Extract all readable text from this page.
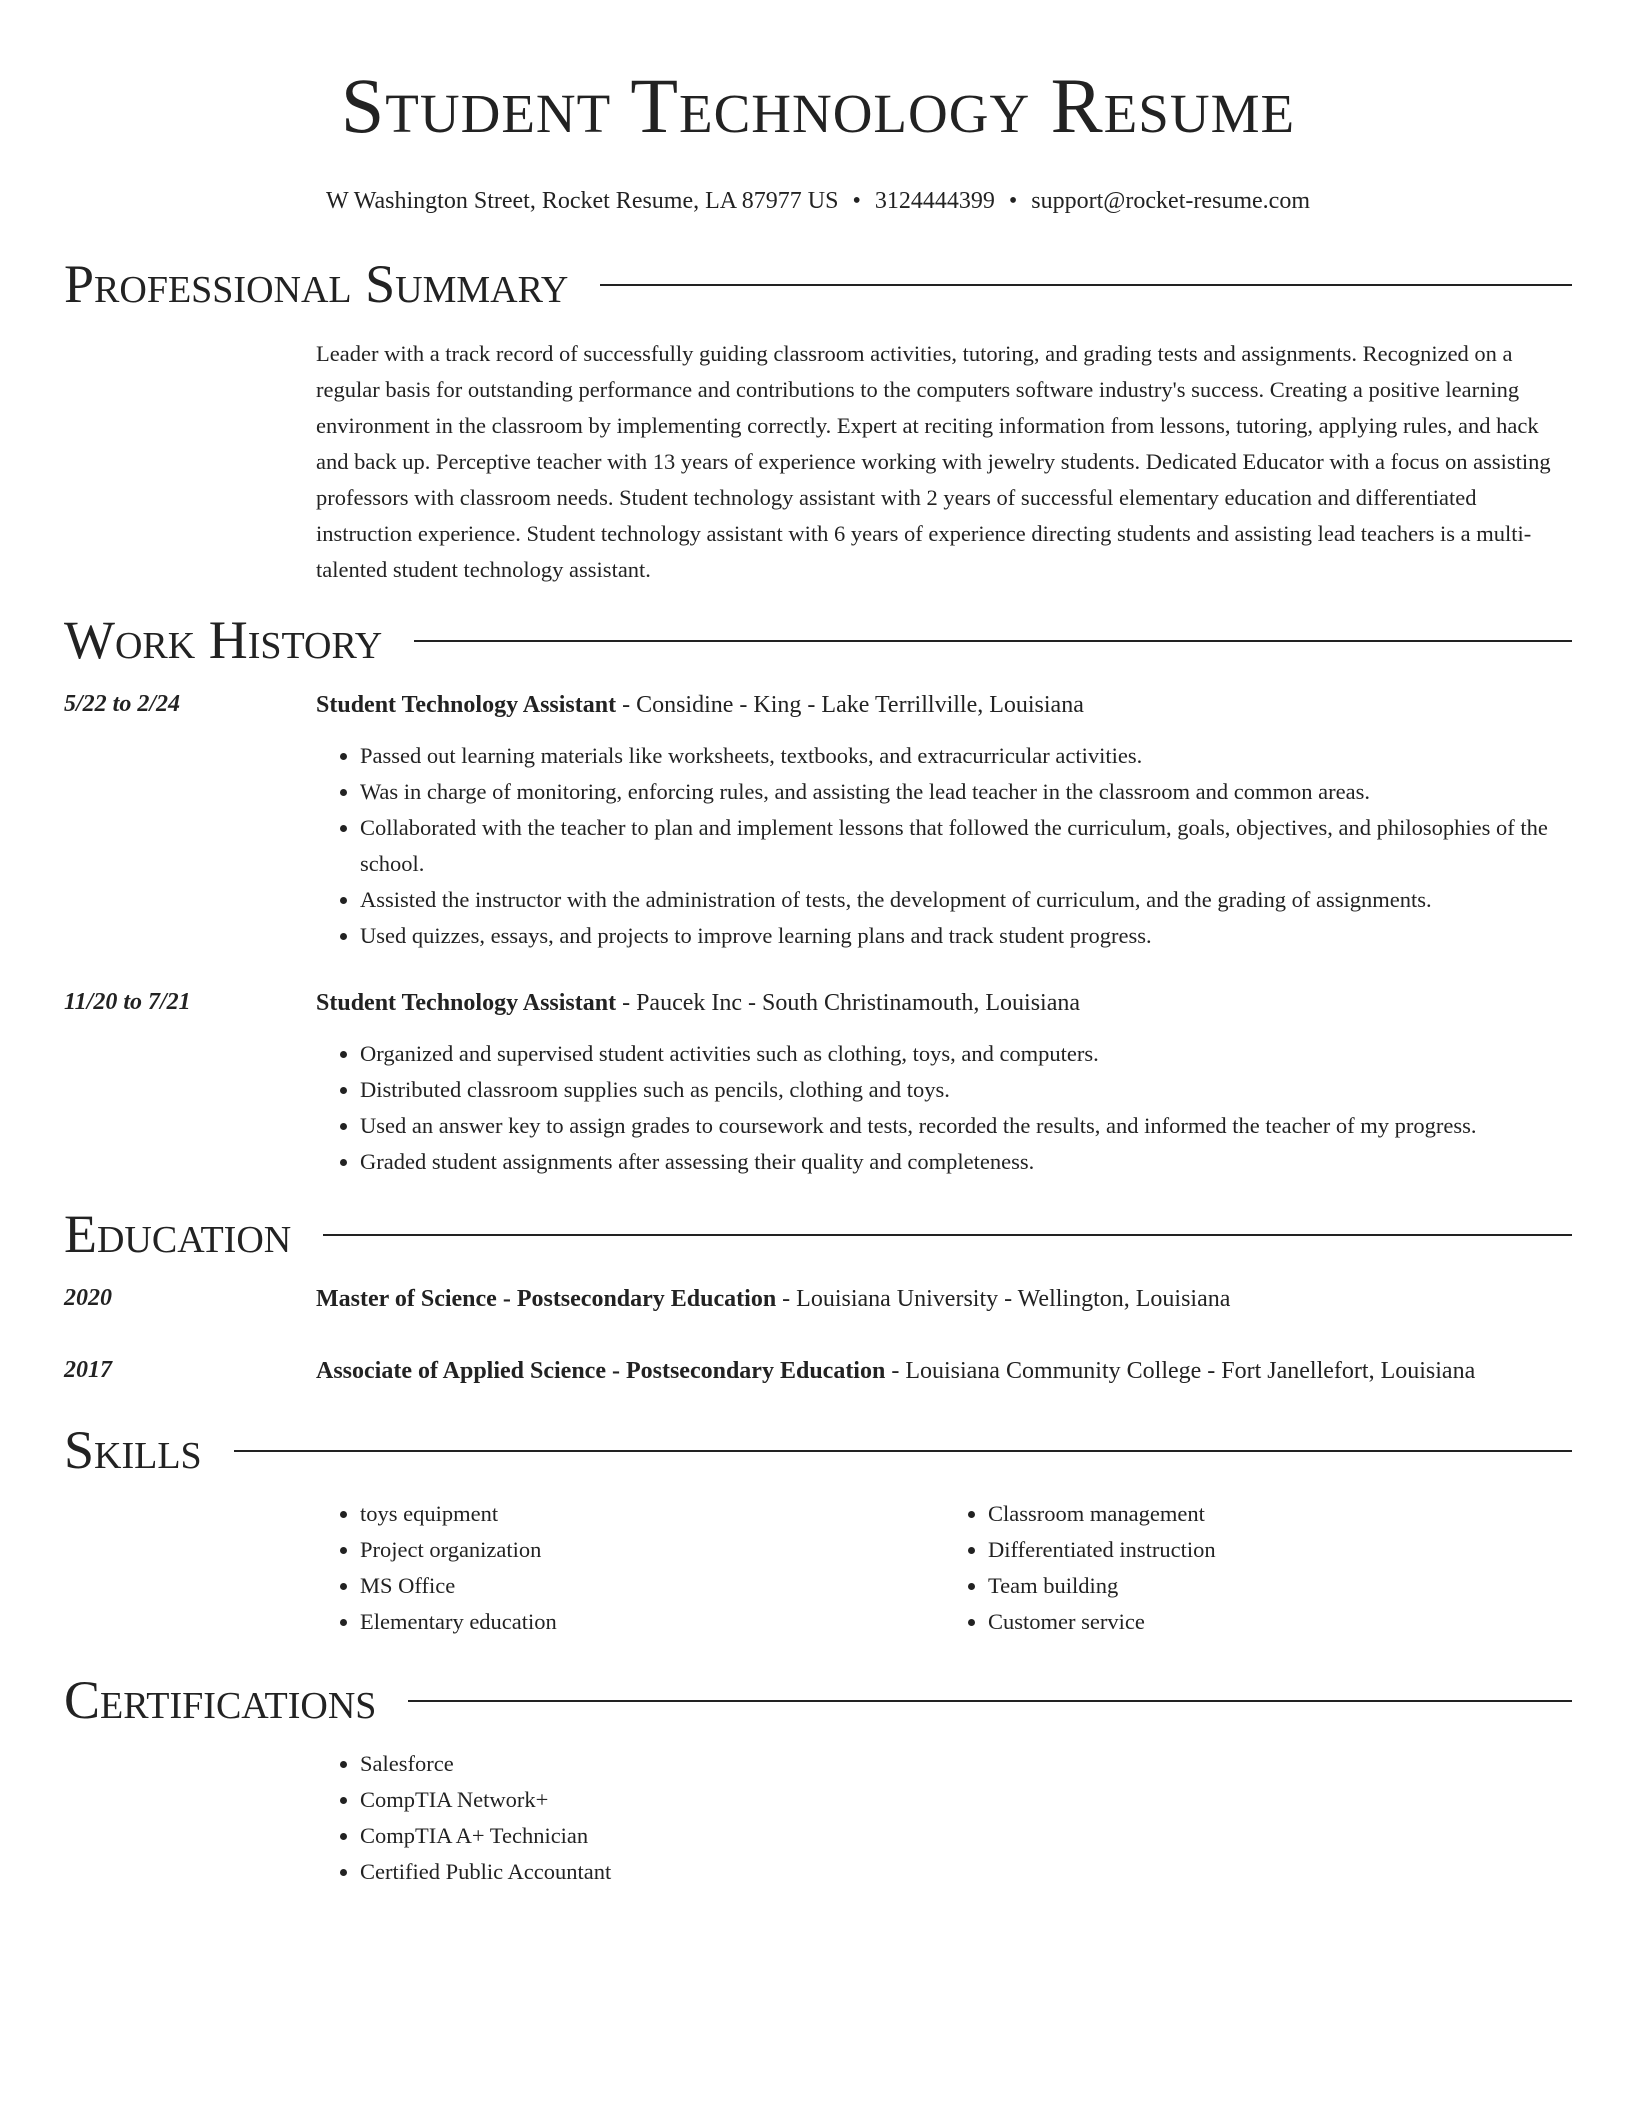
Student Technology Resume
W Washington Street, Rocket Resume, LA 87977 US • 3124444399 • support@rocket-resume.com
Professional Summary
Leader with a track record of successfully guiding classroom activities, tutoring, and grading tests and assignments. Recognized on a regular basis for outstanding performance and contributions to the computers software industry's success. Creating a positive learning environment in the classroom by implementing correctly. Expert at reciting information from lessons, tutoring, applying rules, and hack and back up. Perceptive teacher with 13 years of experience working with jewelry students. Dedicated Educator with a focus on assisting professors with classroom needs. Student technology assistant with 2 years of successful elementary education and differentiated instruction experience. Student technology assistant with 6 years of experience directing students and assisting lead teachers is a multi-talented student technology assistant.
Work History
5/22 to 2/24	Student Technology Assistant - Considine - King - Lake Terrillville, Louisiana
• Passed out learning materials like worksheets, textbooks, and extracurricular activities.
• Was in charge of monitoring, enforcing rules, and assisting the lead teacher in the classroom and common areas.
• Collaborated with the teacher to plan and implement lessons that followed the curriculum, goals, objectives, and philosophies of the school.
• Assisted the instructor with the administration of tests, the development of curriculum, and the grading of assignments.
• Used quizzes, essays, and projects to improve learning plans and track student progress.
11/20 to 7/21	Student Technology Assistant - Paucek Inc - South Christinamouth, Louisiana
• Organized and supervised student activities such as clothing, toys, and computers.
• Distributed classroom supplies such as pencils, clothing and toys.
• Used an answer key to assign grades to coursework and tests, recorded the results, and informed the teacher of my progress.
• Graded student assignments after assessing their quality and completeness.
Education
2020	Master of Science - Postsecondary Education - Louisiana University - Wellington, Louisiana
2017	Associate of Applied Science - Postsecondary Education - Louisiana Community College - Fort Janellefort, Louisiana
Skills
• toys equipment
• Project organization
• MS Office
• Elementary education
• Classroom management
• Differentiated instruction
• Team building
• Customer service
Certifications
• Salesforce
• CompTIA Network+
• CompTIA A+ Technician
• Certified Public Accountant
